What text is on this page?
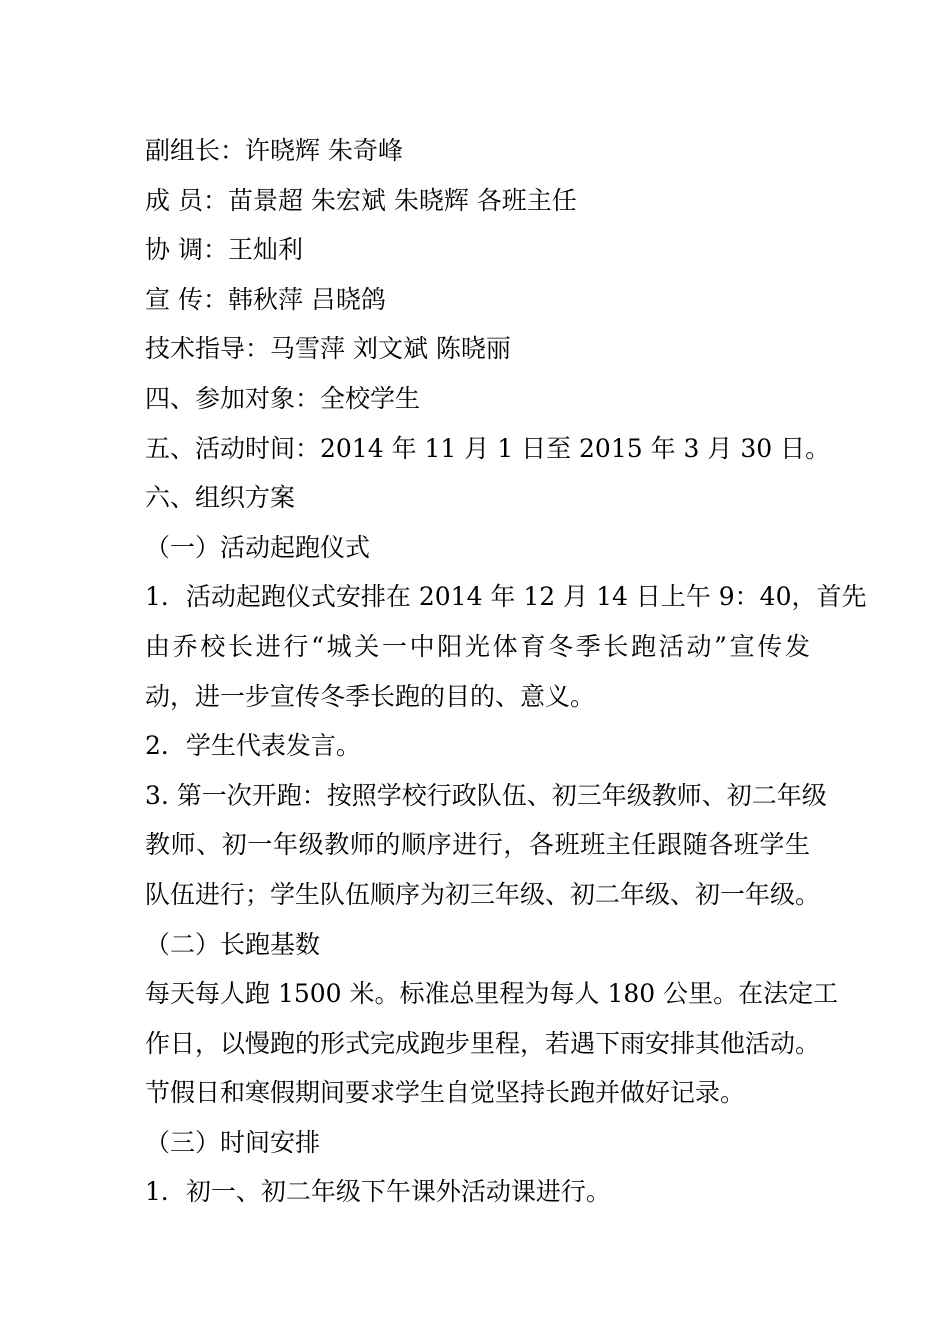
副组长：许晓辉 朱奇峰
成 员：苗景超 朱宏斌 朱晓辉 各班主任
协 调：王灿利
宣 传：韩秋萍 吕晓鸽
技术指导：马雪萍 刘文斌 陈晓丽
四、参加对象：全校学生
五、活动时间：2014 年 11 月 1 日至 2015 年 3 月 30 日。
六、组织方案
（一）活动起跑仪式
1．活动起跑仪式安排在 2014 年 12 月 14 日上午 9：40，首先
由乔校长进行“城关一中阳光体育冬季长跑活动”宣传发
动，进一步宣传冬季长跑的目的、意义。
2．学生代表发言。
3. 第一次开跑：按照学校行政队伍、初三年级教师、初二年级
教师、初一年级教师的顺序进行，各班班主任跟随各班学生
队伍进行；学生队伍顺序为初三年级、初二年级、初一年级。
（二）长跑基数
每天每人跑 1500 米。标准总里程为每人 180 公里。在法定工
作日，以慢跑的形式完成跑步里程，若遇下雨安排其他活动。
节假日和寒假期间要求学生自觉坚持长跑并做好记录。
（三）时间安排
1．初一、初二年级下午课外活动课进行。
